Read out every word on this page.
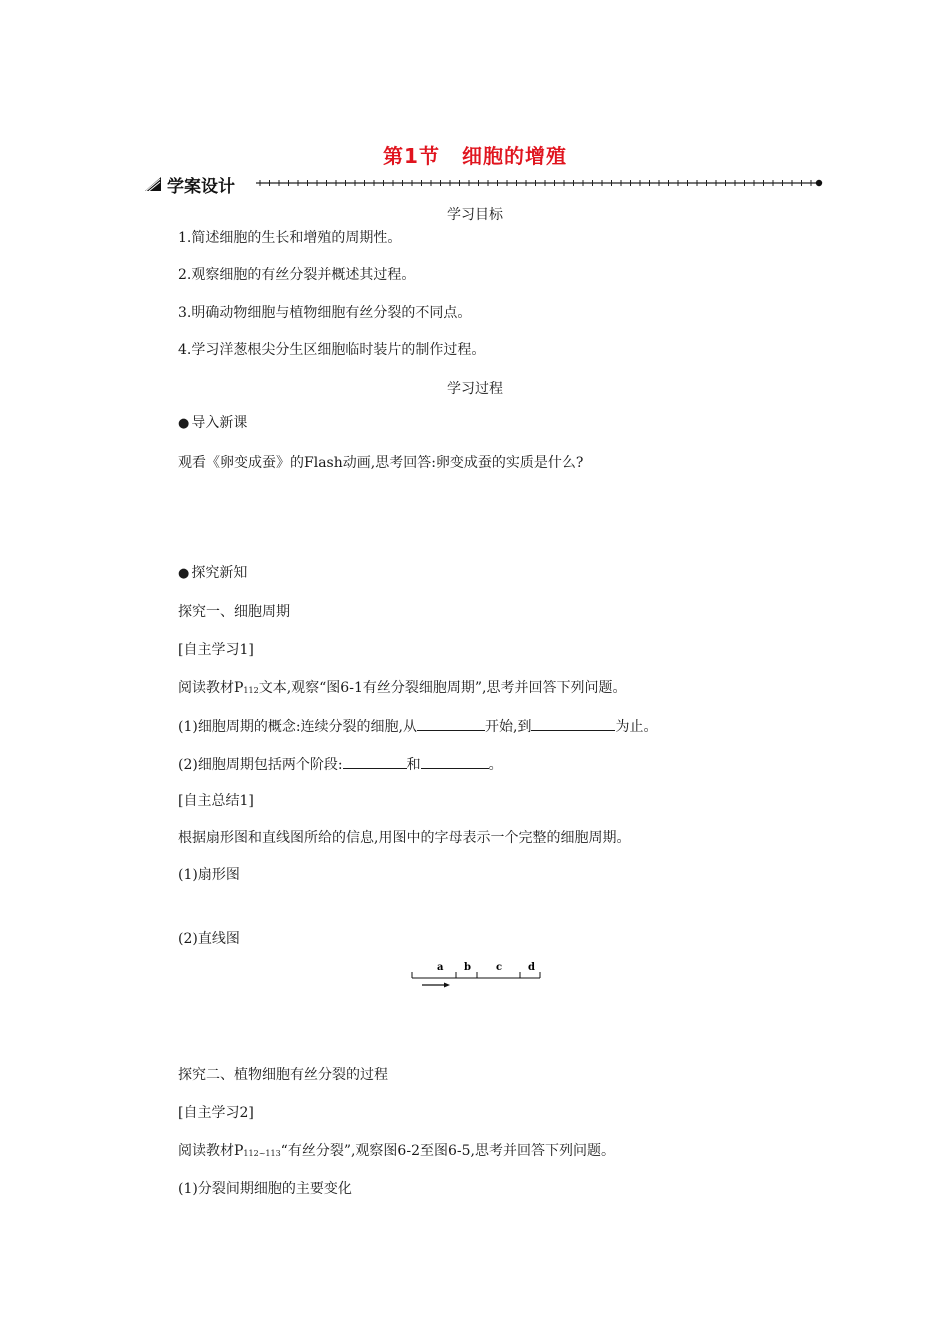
第1节 细胞的增殖
学案设计
学习目标
1.简述细胞的生长和增殖的周期性。
2.观察细胞的有丝分裂并概述其过程。
3.明确动物细胞与植物细胞有丝分裂的不同点。
4.学习洋葱根尖分生区细胞临时装片的制作过程。
学习过程
● 导入新课
观看《卵变成蚕》的Flash动画,思考回答:卵变成蚕的实质是什么?
● 探究新知
探究一、细胞周期
[自主学习1]
阅读教材P112文本,观察“图6-1有丝分裂细胞周期”,思考并回答下列问题。
(1)细胞周期的概念:连续分裂的细胞,从	开始,到	为止。
(2)细胞周期包括两个阶段:	和	。
[自主总结1]
根据扇形图和直线图所给的信息,用图中的字母表示一个完整的细胞周期。
(1)扇形图
(2)直线图
a b	c	d
探究二、植物细胞有丝分裂的过程
[自主学习2]
阅读教材P112~113“有丝分裂”,观察图6-2至图6-5,思考并回答下列问题。
(1)分裂间期细胞的主要变化
